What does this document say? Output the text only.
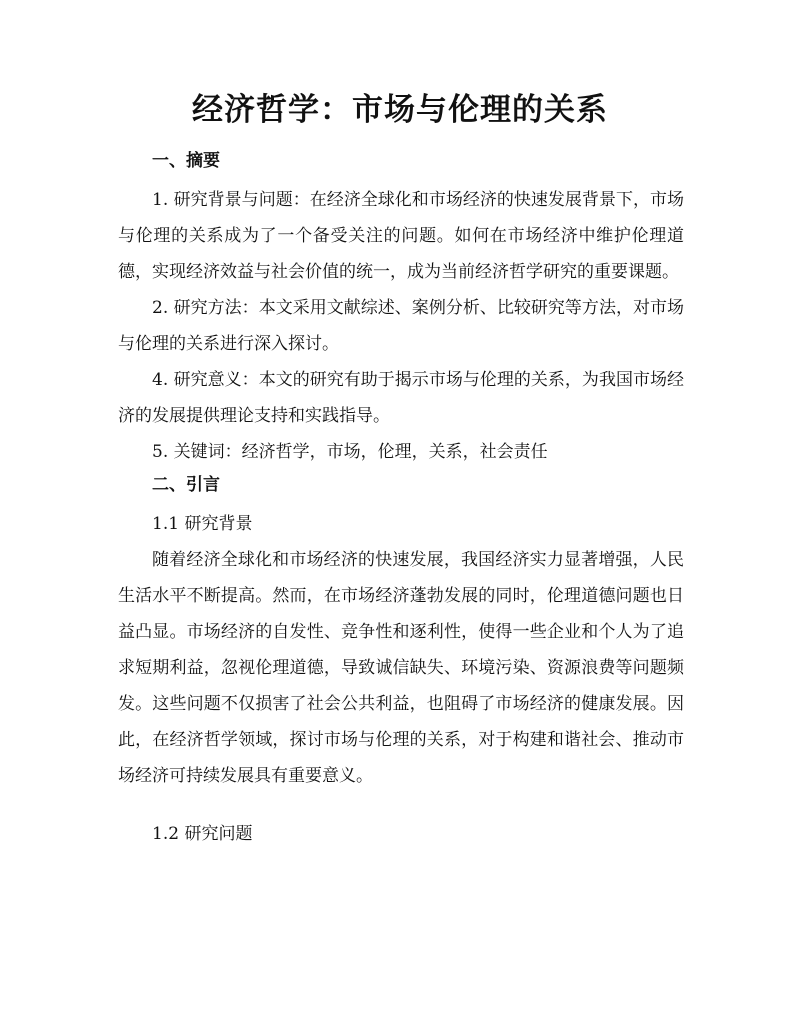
经济哲学：市场与伦理的关系
一、摘要

1. 研究背景与问题：在经济全球化和市场经济的快速发展背景下，市场与伦理的关系成为了一个备受关注的问题。如何在市场经济中维护伦理道德，实现经济效益与社会价值的统一，成为当前经济哲学研究的重要课题。

2. 研究方法：本文采用文献综述、案例分析、比较研究等方法，对市场与伦理的关系进行深入探讨。

4. 研究意义：本文的研究有助于揭示市场与伦理的关系，为我国市场经济的发展提供理论支持和实践指导。

5. 关键词：经济哲学，市场，伦理，关系，社会责任

二、引言
1.1 研究背景

随着经济全球化和市场经济的快速发展，我国经济实力显著增强，人民生活水平不断提高。然而，在市场经济蓬勃发展的同时，伦理道德问题也日益凸显。市场经济的自发性、竞争性和逐利性，使得一些企业和个人为了追求短期利益，忽视伦理道德，导致诚信缺失、环境污染、资源浪费等问题频发。这些问题不仅损害了社会公共利益，也阻碍了市场经济的健康发展。因此，在经济哲学领域，探讨市场与伦理的关系，对于构建和谐社会、推动市场经济可持续发展具有重要意义。

1.2 研究问题
